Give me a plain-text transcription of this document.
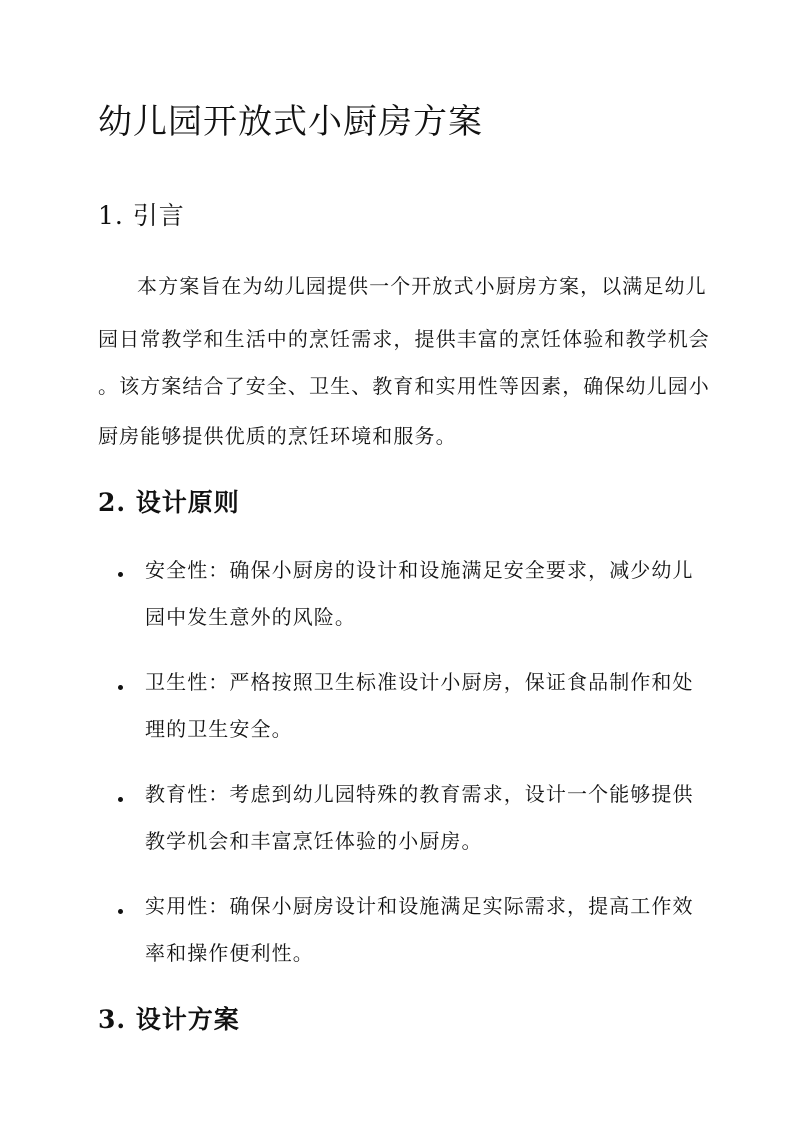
幼儿园开放式小厨房方案
1. 引言

本方案旨在为幼儿园提供一个开放式小厨房方案，以满足幼儿

园日常教学和生活中的烹饪需求，提供丰富的烹饪体验和教学机会

。该方案结合了安全、卫生、教育和实用性等因素，确保幼儿园小

厨房能够提供优质的烹饪环境和服务。

2. 设计原则

安全性：确保小厨房的设计和设施满足安全要求，减少幼儿

园中发生意外的风险。

卫生性：严格按照卫生标准设计小厨房，保证食品制作和处

理的卫生安全。

教育性：考虑到幼儿园特殊的教育需求，设计一个能够提供

教学机会和丰富烹饪体验的小厨房。

实用性：确保小厨房设计和设施满足实际需求，提高工作效

率和操作便利性。

3. 设计方案
